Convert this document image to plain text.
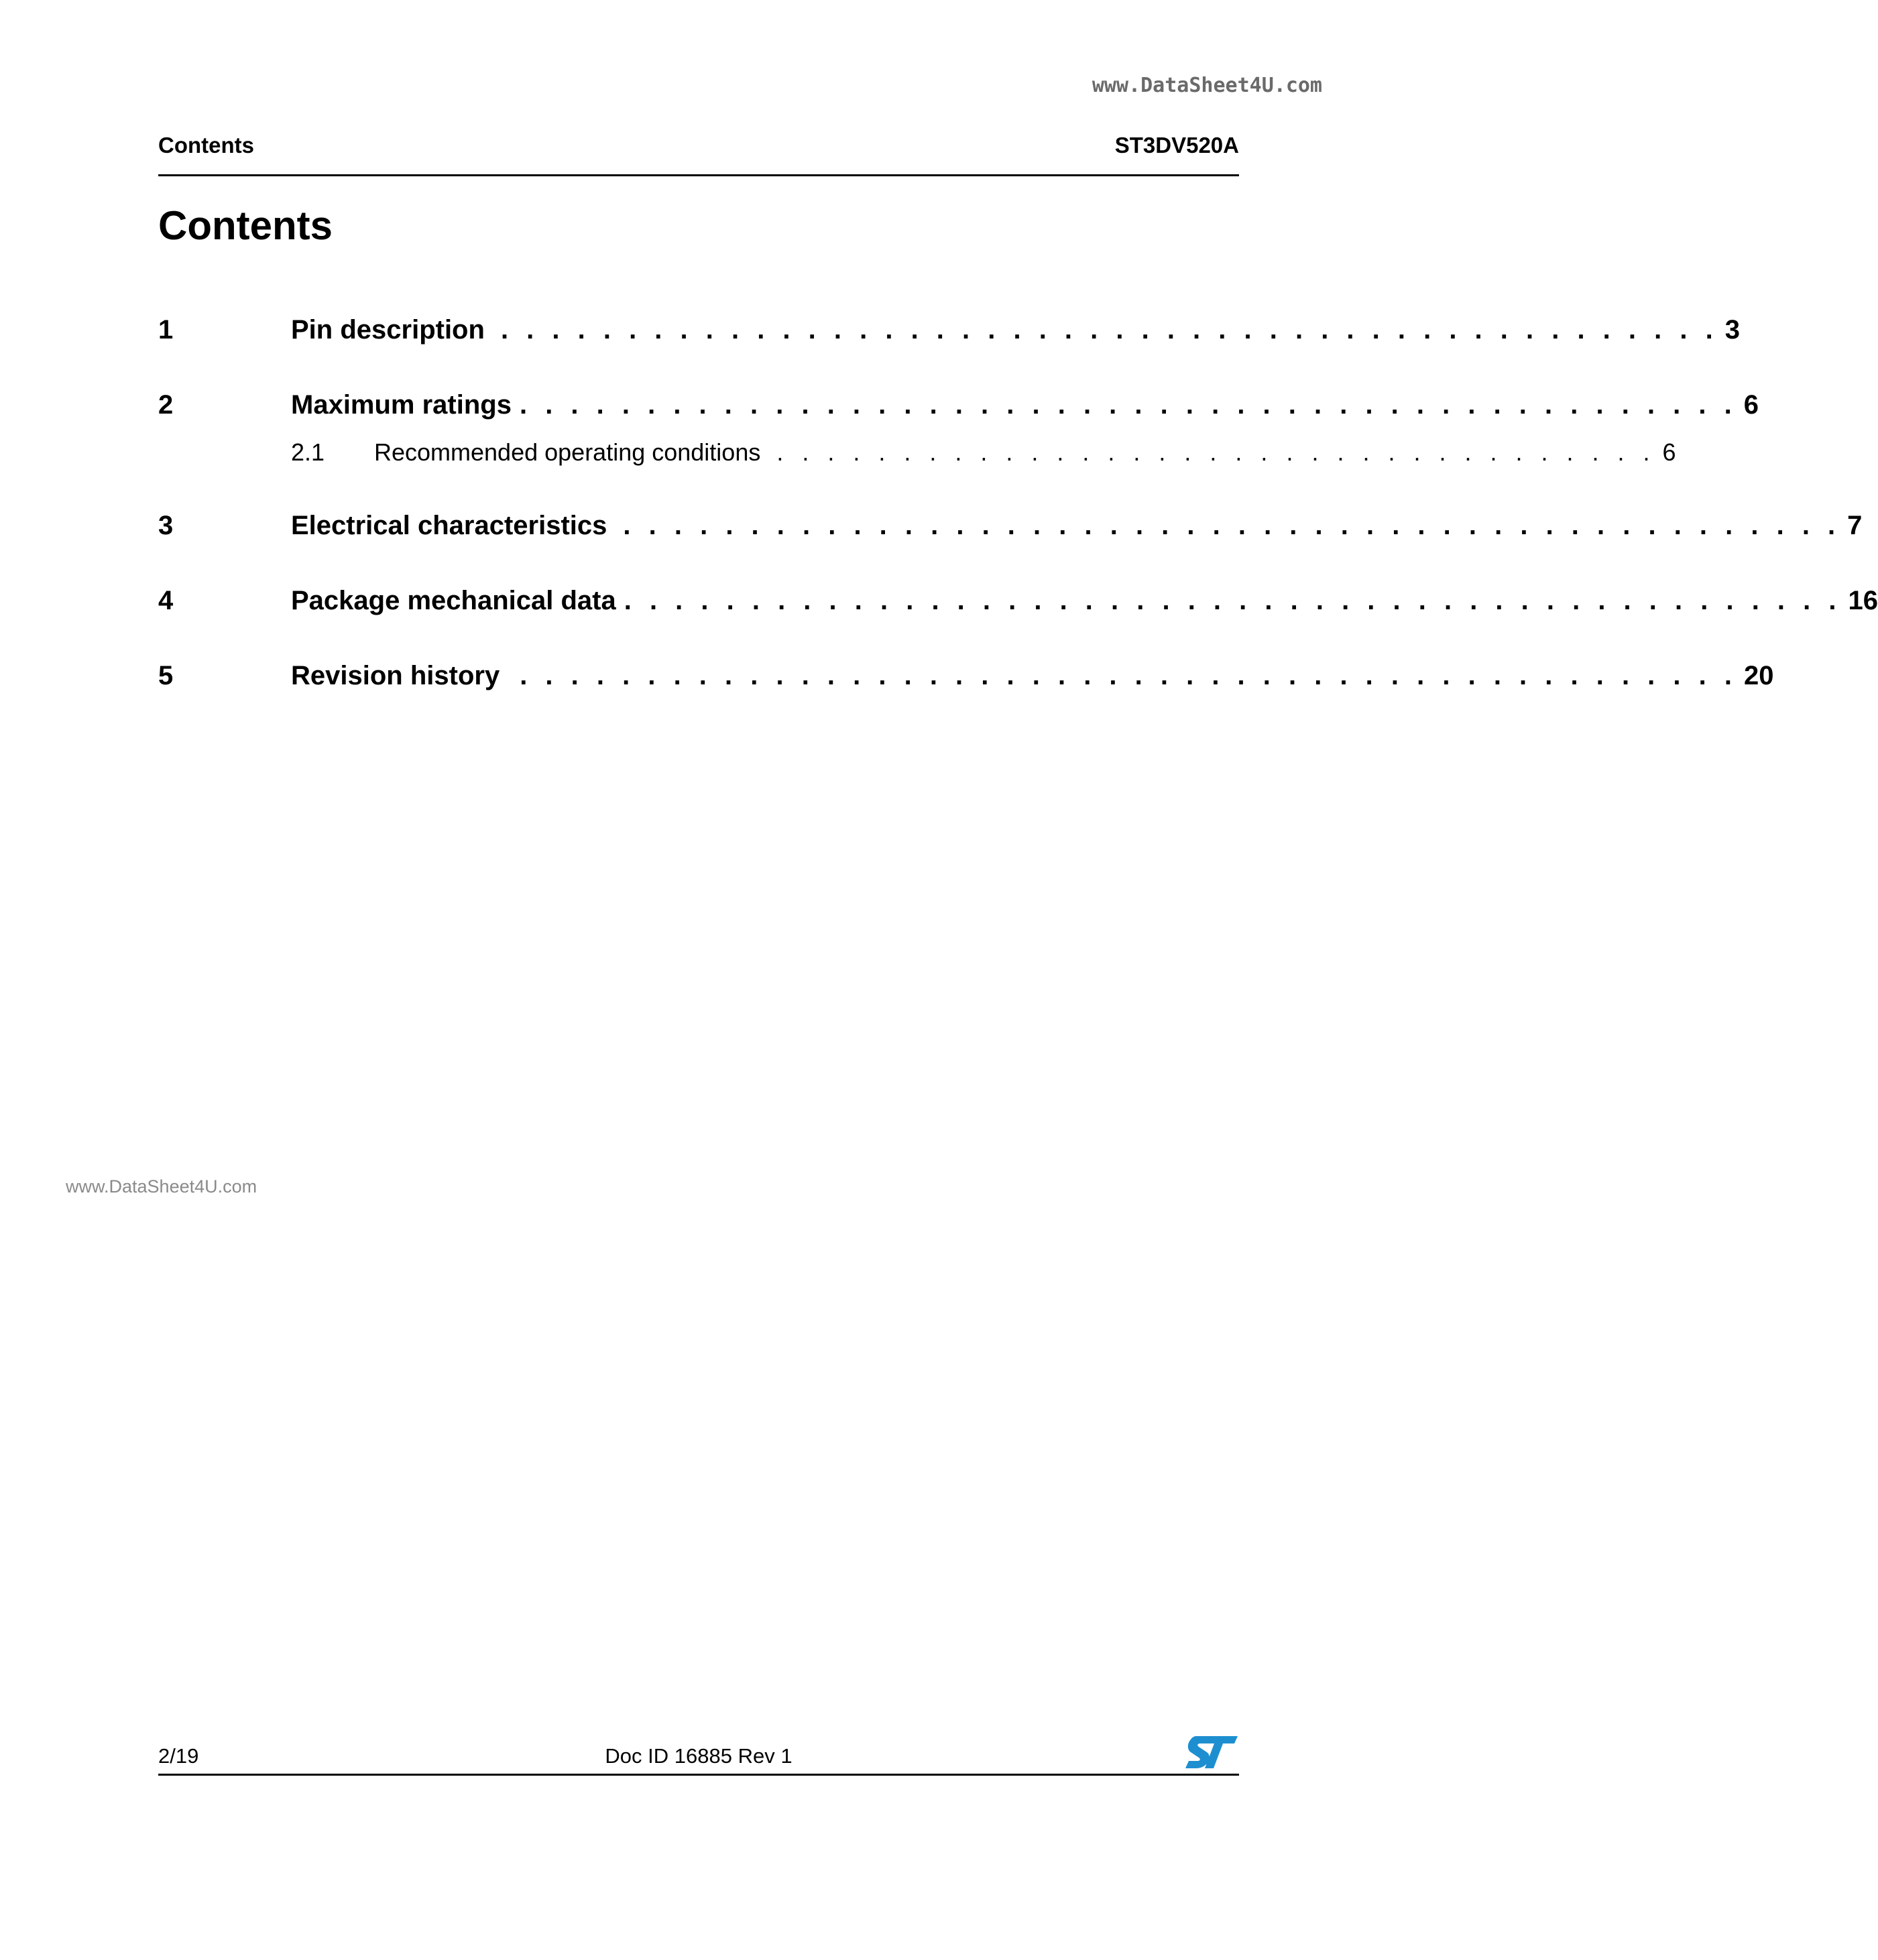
www.DataSheet4U.com
Contents	ST3DV520A
Contents
1	Pin description . . . . . . . . . . . . . . . . . . . . . . . . . . . . . . . . . . . . . . . . . . . . . . . . 3
2	Maximum ratings . . . . . . . . . . . . . . . . . . . . . . . . . . . . . . . . . . . . . . . . . . . . . . . . 6
2.1	Recommended operating conditions . . . . . . . . . . . . . . . . . . . . . . . . . . . . . . . . . . . 6
3	Electrical characteristics . . . . . . . . . . . . . . . . . . . . . . . . . . . . . . . . . . . . . . . . . . . . . . . . 7
4	Package mechanical data . . . . . . . . . . . . . . . . . . . . . . . . . . . . . . . . . . . . . . . . . . . . . . . . 16
5	Revision history . . . . . . . . . . . . . . . . . . . . . . . . . . . . . . . . . . . . . . . . . . . . . . . . 20
www.DataSheet4U.com
2/19	Doc ID 16885 Rev 1
